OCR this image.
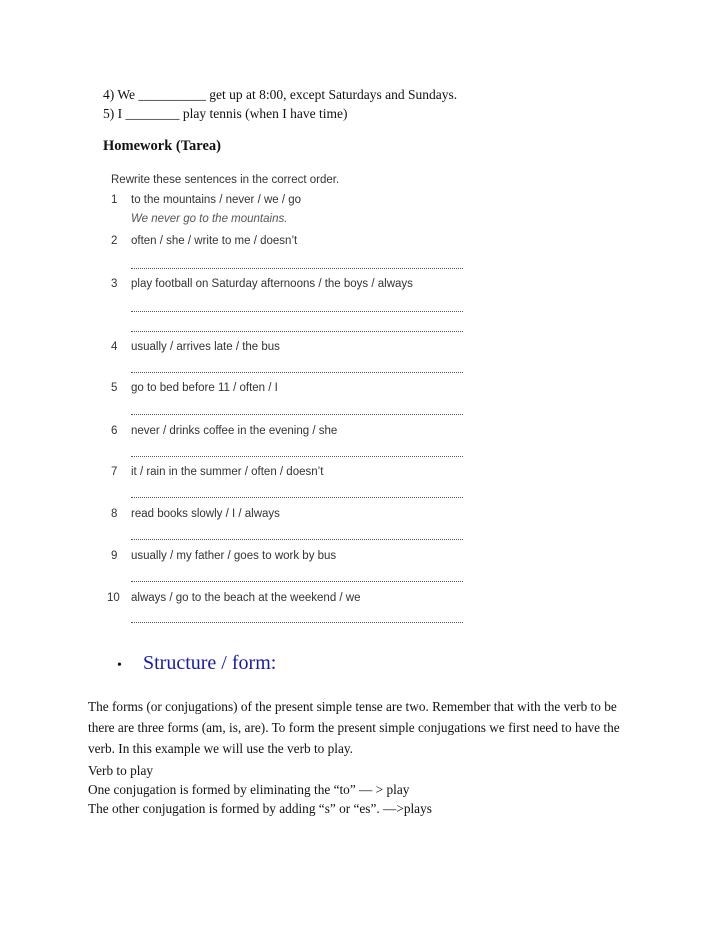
4) We __________ get up at 8:00, except Saturdays and Sundays.
5) I ________ play tennis (when I have time)
Homework (Tarea)
Rewrite these sentences in the correct order.
1 to the mountains / never / we / go
We never go to the mountains.
2 often / she / write to me / doesn’t
3 play football on Saturday afternoons / the boys / always
4 usually / arrives late / the bus
5 go to bed before 11 / often / I
6 never / drinks coffee in the evening / she
7 it / rain in the summer / often / doesn’t
8 read books slowly / I / always
9 usually / my father / goes to work by bus
10 always / go to the beach at the weekend / we
• Structure / form:
The forms (or conjugations) of the present simple tense are two. Remember that with the verb to be there are three forms (am, is, are). To form the present simple conjugations we first need to have the verb. In this example we will use the verb to play.
Verb to play
One conjugation is formed by eliminating the “to” — > play
The other conjugation is formed by adding “s” or “es”. —>plays
